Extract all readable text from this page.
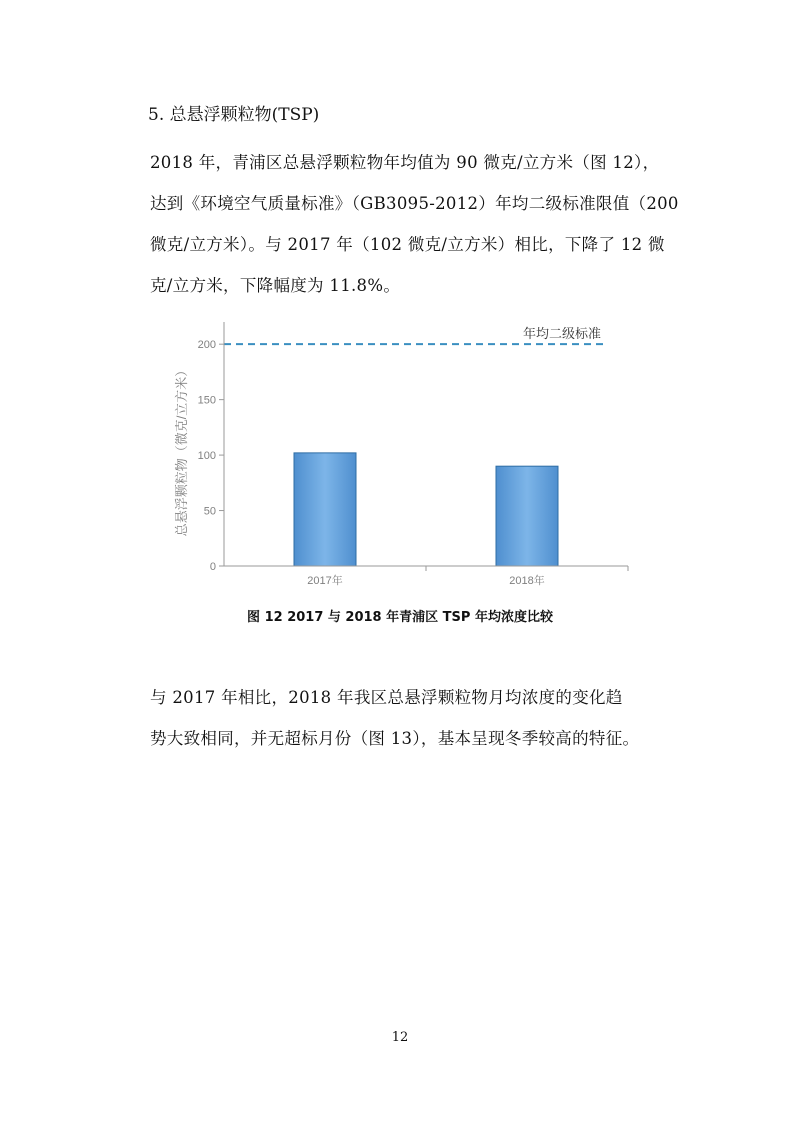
5. 总悬浮颗粒物(TSP)
2018 年，青浦区总悬浮颗粒物年均值为 90 微克/立方米（图 12），
达到《环境空气质量标准》（GB3095-2012）年均二级标准限值（200
微克/立方米）。与 2017 年（102 微克/立方米）相比，下降了 12 微
克/立方米，下降幅度为 11.8%。
0
50
100
150
200
2017年	2018年
年均二级标准
总悬浮颗粒物（微克/立方米）
图 12 2017 与 2018 年青浦区 TSP 年均浓度比较
与 2017 年相比，2018 年我区总悬浮颗粒物月均浓度的变化趋
势大致相同，并无超标月份（图 13），基本呈现冬季较高的特征。
12
